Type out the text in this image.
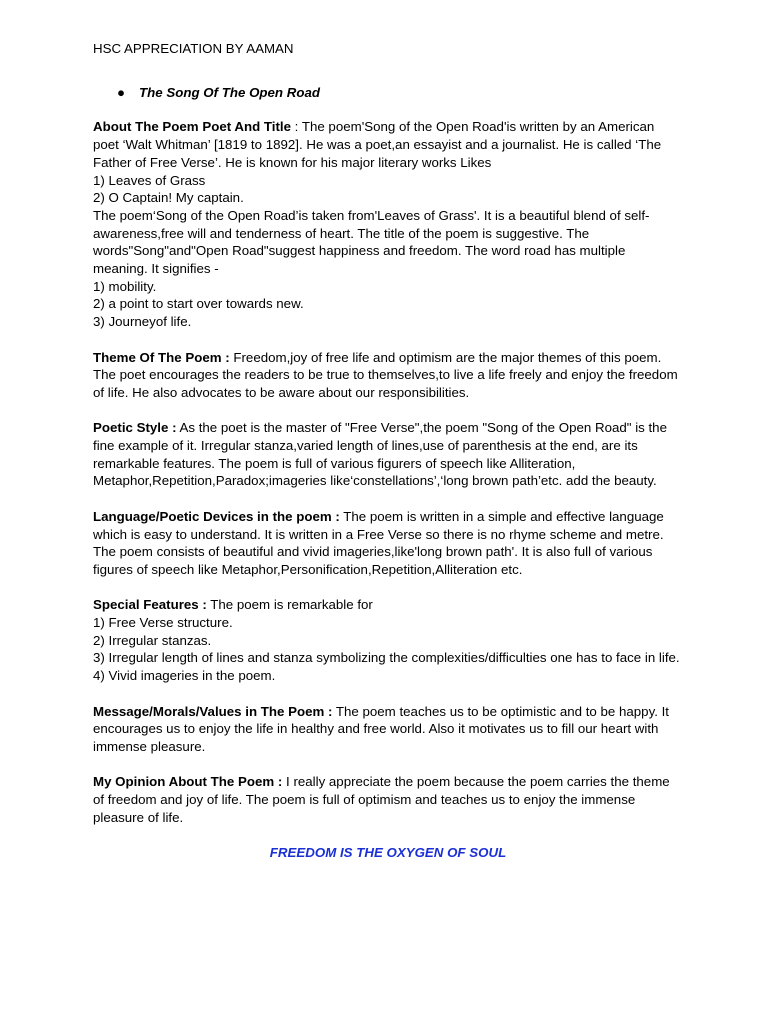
HSC APPRECIATION BY AAMAN
●	The Song Of The Open Road
About The Poem Poet And Title : The poem'Song of the Open Road'is written by an American poet ‘Walt Whitman’ [1819 to 1892]. He was a poet,an essayist and a journalist. He is called ‘The Father of Free Verse’. He is known for his major literary works Likes
1) Leaves of Grass
2) O Captain! My captain.
The poem‘Song of the Open Road’is taken from'Leaves of Grass'. It is a beautiful blend of self-awareness,free will and tenderness of heart. The title of the poem is suggestive. The words"Song"and"Open Road"suggest happiness and freedom. The word road has multiple meaning. It signifies -
1) mobility.
2) a point to start over towards new.
3) Journeyof life.
Theme Of The Poem : Freedom,joy of free life and optimism are the major themes of this poem. The poet encourages the readers to be true to themselves,to live a life freely and enjoy the freedom of life. He also advocates to be aware about our responsibilities.
Poetic Style : As the poet is the master of "Free Verse",the poem "Song of the Open Road" is the fine example of it. Irregular stanza,varied length of lines,use of parenthesis at the end, are its remarkable features. The poem is full of various figurers of speech like Alliteration, Metaphor,Repetition,Paradox;imageries like‘constellations’,‘long brown path’etc. add the beauty.
Language/Poetic Devices in the poem : The poem is written in a simple and effective language which is easy to understand. It is written in a Free Verse so there is no rhyme scheme and metre. The poem consists of beautiful and vivid imageries,like'long brown path'. It is also full of various figures of speech like Metaphor,Personification,Repetition,Alliteration etc.
Special Features : The poem is remarkable for
1) Free Verse structure.
2) Irregular stanzas.
3) Irregular length of lines and stanza symbolizing the complexities/difficulties one has to face in life.
4) Vivid imageries in the poem.
Message/Morals/Values in The Poem : The poem teaches us to be optimistic and to be happy. It encourages us to enjoy the life in healthy and free world. Also it motivates us to fill our heart with immense pleasure.
My Opinion About The Poem : I really appreciate the poem because the poem carries the theme of freedom and joy of life. The poem is full of optimism and teaches us to enjoy the immense pleasure of life.
FREEDOM IS THE OXYGEN OF SOUL
